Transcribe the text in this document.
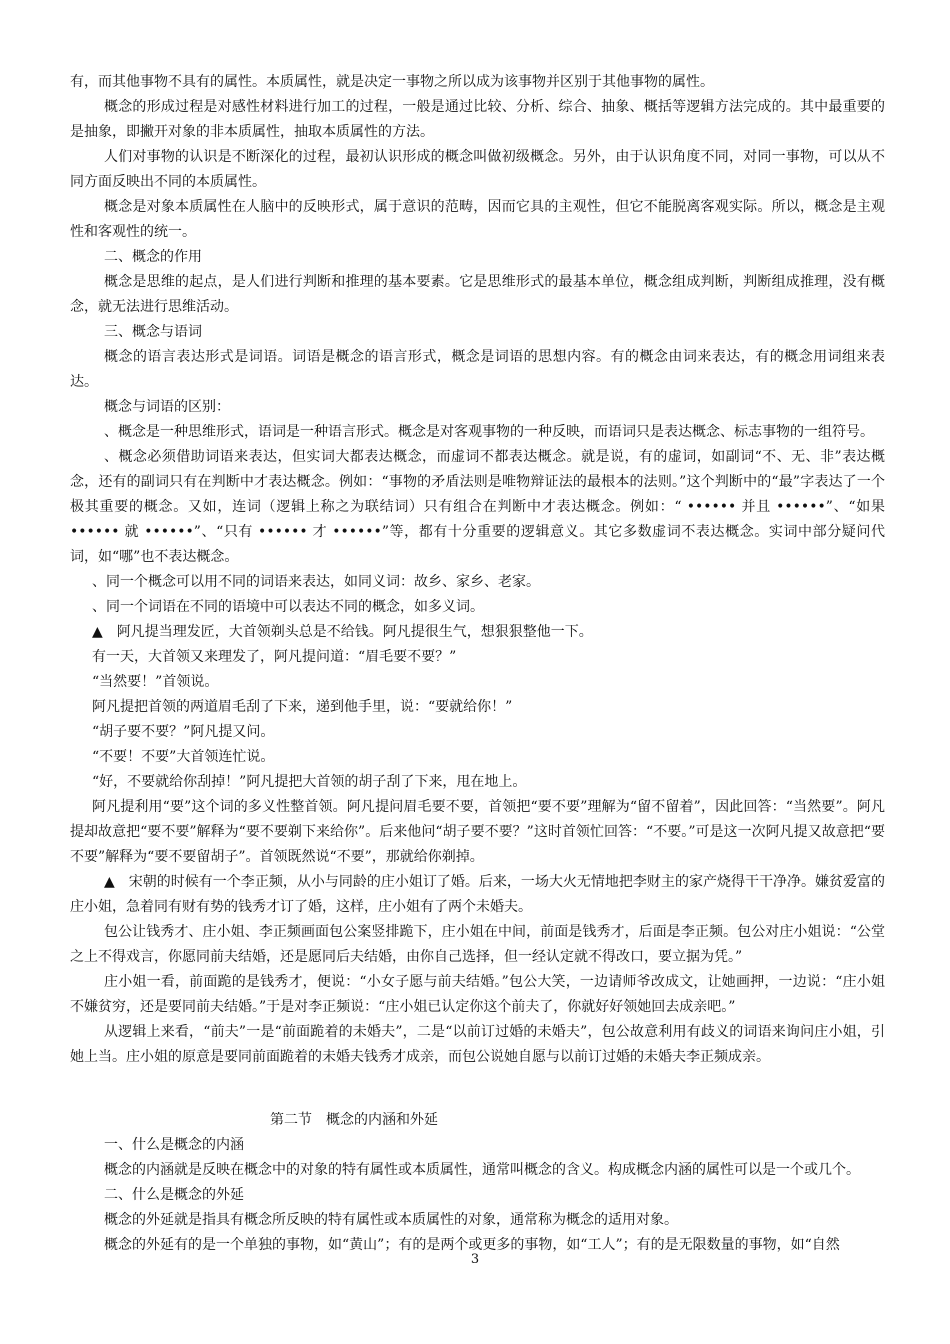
有，而其他事物不具有的属性。本质属性，就是决定一事物之所以成为该事物并区别于其他事物的属性。

概念的形成过程是对感性材料进行加工的过程，一般是通过比较、分析、综合、抽象、概括等逻辑方法完成的。其中最重要的是抽象，即撇开对象的非本质属性，抽取本质属性的方法。

人们对事物的认识是不断深化的过程，最初认识形成的概念叫做初级概念。另外，由于认识角度不同，对同一事物，可以从不同方面反映出不同的本质属性。

概念是对象本质属性在人脑中的反映形式，属于意识的范畴，因而它具的主观性，但它不能脱离客观实际。所以，概念是主观性和客观性的统一。

二、概念的作用

概念是思维的起点，是人们进行判断和推理的基本要素。它是思维形式的最基本单位，概念组成判断，判断组成推理，没有概念，就无法进行思维活动。

三、概念与语词

概念的语言表达形式是词语。词语是概念的语言形式，概念是词语的思想内容。有的概念由词来表达，有的概念用词组来表达。

概念与词语的区别：

、概念是一种思维形式，语词是一种语言形式。概念是对客观事物的一种反映，而语词只是表达概念、标志事物的一组符号。

、概念必须借助词语来表达，但实词大都表达概念，而虚词不都表达概念。就是说，有的虚词，如副词“不、无、非”表达概念，还有的副词只有在判断中才表达概念。例如：“事物的矛盾法则是唯物辩证法的最根本的法则。”这个判断中的“最”字表达了一个极其重要的概念。又如，连词（逻辑上称之为联结词）只有组合在判断中才表达概念。例如：“ •••••• 并且 ••••••”、“如果 •••••• 就 ••••••”、“只有 •••••• 才 ••••••”等，都有十分重要的逻辑意义。其它多数虚词不表达概念。实词中部分疑问代词，如“哪”也不表达概念。

、同一个概念可以用不同的词语来表达，如同义词：故乡、家乡、老家。

、同一个词语在不同的语境中可以表达不同的概念，如多义词。

▲　阿凡提当理发匠，大首领剃头总是不给钱。阿凡提很生气，想狠狠整他一下。

有一天，大首领又来理发了，阿凡提问道：“眉毛要不要？”

“当然要！”首领说。

阿凡提把首领的两道眉毛刮了下来，递到他手里，说：“要就给你！”

“胡子要不要？”阿凡提又问。

“不要！不要”大首领连忙说。

“好，不要就给你刮掉！”阿凡提把大首领的胡子刮了下来，甩在地上。

阿凡提利用“要”这个词的多义性整首领。阿凡提问眉毛要不要，首领把“要不要”理解为“留不留着”，因此回答：“当然要”。阿凡提却故意把“要不要”解释为“要不要剃下来给你”。后来他问“胡子要不要？”这时首领忙回答：“不要。”可是这一次阿凡提又故意把“要不要”解释为“要不要留胡子”。首领既然说“不要”，那就给你剃掉。

▲　宋朝的时候有一个李正频，从小与同龄的庄小姐订了婚。后来，一场大火无情地把李财主的家产烧得干干净净。嫌贫爱富的庄小姐，急着同有财有势的钱秀才订了婚，这样，庄小姐有了两个未婚夫。

包公让钱秀才、庄小姐、李正频画面包公案竖排跪下，庄小姐在中间，前面是钱秀才，后面是李正频。包公对庄小姐说：“公堂之上不得戏言，你愿同前夫结婚，还是愿同后夫结婚，由你自己选择，但一经认定就不得改口，要立据为凭。”

庄小姐一看，前面跪的是钱秀才，便说：“小女子愿与前夫结婚。”包公大笑，一边请师爷改成文，让她画押，一边说：“庄小姐不嫌贫穷，还是要同前夫结婚。”于是对李正频说：“庄小姐已认定你这个前夫了，你就好好领她回去成亲吧。”

从逻辑上来看，“前夫”一是“前面跪着的未婚夫”，二是“以前订过婚的未婚夫”，包公故意利用有歧义的词语来询问庄小姐，引她上当。庄小姐的原意是要同前面跪着的未婚夫钱秀才成亲，而包公说她自愿与以前订过婚的未婚夫李正频成亲。

第二节　概念的内涵和外延

一、什么是概念的内涵

概念的内涵就是反映在概念中的对象的特有属性或本质属性，通常叫概念的含义。构成概念内涵的属性可以是一个或几个。

二、什么是概念的外延

概念的外延就是指具有概念所反映的特有属性或本质属性的对象，通常称为概念的适用对象。

概念的外延有的是一个单独的事物，如“黄山”；有的是两个或更多的事物，如“工人”；有的是无限数量的事物，如“自然

3
